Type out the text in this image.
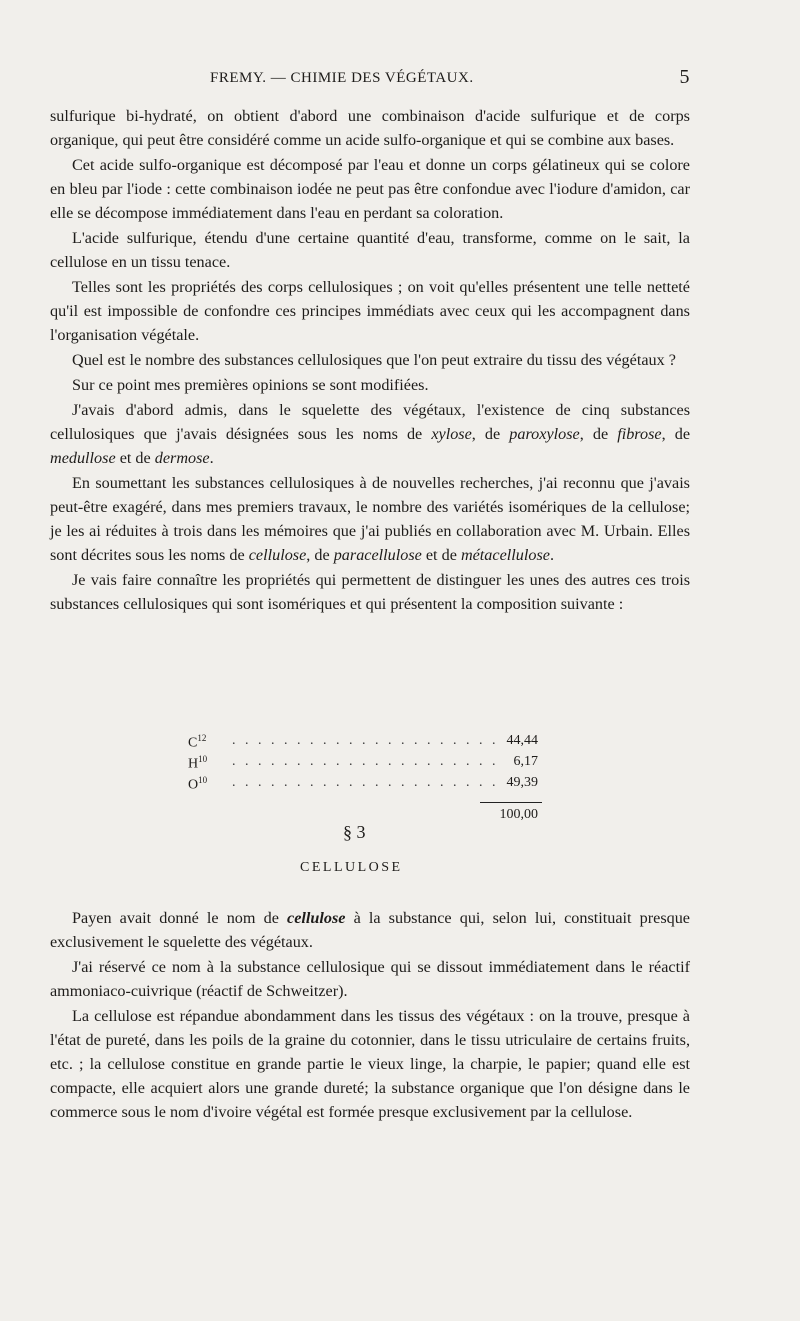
FREMY. — CHIMIE DES VÉGÉTAUX.	5

sulfurique bi-hydraté, on obtient d'abord une combinaison d'acide sulfurique et de corps organique, qui peut être considéré comme un acide sulfo-organique et qui se combine aux bases.

Cet acide sulfo-organique est décomposé par l'eau et donne un corps gélatineux qui se colore en bleu par l'iode : cette combinaison iodée ne peut pas être confondue avec l'iodure d'amidon, car elle se décompose immédiatement dans l'eau en perdant sa coloration.

L'acide sulfurique, étendu d'une certaine quantité d'eau, transforme, comme on le sait, la cellulose en un tissu tenace.

Telles sont les propriétés des corps cellulosiques ; on voit qu'elles présentent une telle netteté qu'il est impossible de confondre ces principes immédiats avec ceux qui les accompagnent dans l'organisation végétale.

Quel est le nombre des substances cellulosiques que l'on peut extraire du tissu des végétaux ?

Sur ce point mes premières opinions se sont modifiées.

J'avais d'abord admis, dans le squelette des végétaux, l'existence de cinq substances cellulosiques que j'avais désignées sous les noms de xylose, de paroxylose, de fibrose, de medullose et de dermose.

En soumettant les substances cellulosiques à de nouvelles recherches, j'ai reconnu que j'avais peut-être exagéré, dans mes premiers travaux, le nombre des variétés isomériques de la cellulose; je les ai réduites à trois dans les mémoires que j'ai publiés en collaboration avec M. Urbain. Elles sont décrites sous les noms de cellulose, de paracellulose et de métacellulose.

Je vais faire connaître les propriétés qui permettent de distinguer les unes des autres ces trois substances cellulosiques qui sont isomériques et qui présentent la composition suivante :

$C^{12}$ . . . . . . . . . . . . . . . . . . . . . 44,44
$H^{10}$ . . . . . . . . . . . . . . . . . . . . . 6,17
$O^{10}$ . . . . . . . . . . . . . . . . . . . . . 49,39
100,00
§ 3
CELLULOSE

Payen avait donné le nom de cellulose à la substance qui, selon lui, constituait presque exclusivement le squelette des végétaux.

J'ai réservé ce nom à la substance cellulosique qui se dissout immédiatement dans le réactif ammoniaco-cuivrique (réactif de Schweitzer).

La cellulose est répandue abondamment dans les tissus des végétaux : on la trouve, presque à l'état de pureté, dans les poils de la graine du cotonnier, dans le tissu utriculaire de certains fruits, etc. ; la cellulose constitue en grande partie le vieux linge, la charpie, le papier; quand elle est compacte, elle acquiert alors une grande dureté; la substance organique que l'on désigne dans le commerce sous le nom d'ivoire végétal est formée presque exclusivement par la cellulose.
